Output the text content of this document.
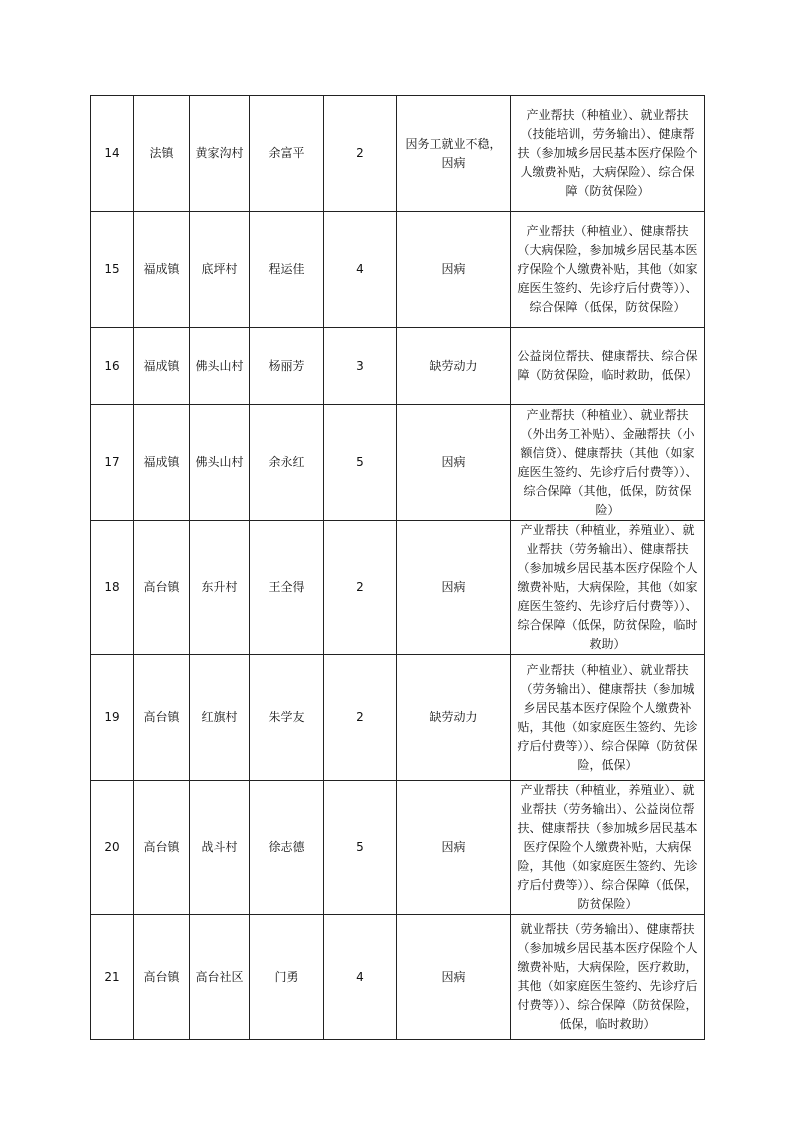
14	法镇	黄家沟村	余富平	2	因务工就业不稳，因病	产业帮扶（种植业）、就业帮扶（技能培训，劳务输出）、健康帮扶（参加城乡居民基本医疗保险个人缴费补贴，大病保险）、综合保障（防贫保险）
15	福成镇	底坪村	程运佳	4	因病	产业帮扶（种植业）、健康帮扶（大病保险，参加城乡居民基本医疗保险个人缴费补贴，其他（如家庭医生签约、先诊疗后付费等））、综合保障（低保，防贫保险）
16	福成镇	佛头山村	杨丽芳	3	缺劳动力	公益岗位帮扶、健康帮扶、综合保障（防贫保险，临时救助，低保）
17	福成镇	佛头山村	余永红	5	因病	产业帮扶（种植业）、就业帮扶（外出务工补贴）、金融帮扶（小额信贷）、健康帮扶（其他（如家庭医生签约、先诊疗后付费等））、综合保障（其他，低保，防贫保险）
18	高台镇	东升村	王全得	2	因病	产业帮扶（种植业，养殖业）、就业帮扶（劳务输出）、健康帮扶（参加城乡居民基本医疗保险个人缴费补贴，大病保险，其他（如家庭医生签约、先诊疗后付费等））、综合保障（低保，防贫保险，临时救助）
19	高台镇	红旗村	朱学友	2	缺劳动力	产业帮扶（种植业）、就业帮扶（劳务输出）、健康帮扶（参加城乡居民基本医疗保险个人缴费补贴，其他（如家庭医生签约、先诊疗后付费等））、综合保障（防贫保险，低保）
20	高台镇	战斗村	徐志德	5	因病	产业帮扶（种植业，养殖业）、就业帮扶（劳务输出）、公益岗位帮扶、健康帮扶（参加城乡居民基本医疗保险个人缴费补贴，大病保险，其他（如家庭医生签约、先诊疗后付费等））、综合保障（低保，防贫保险）
21	高台镇	高台社区	门勇	4	因病	就业帮扶（劳务输出）、健康帮扶（参加城乡居民基本医疗保险个人缴费补贴，大病保险，医疗救助，其他（如家庭医生签约、先诊疗后付费等））、综合保障（防贫保险，低保，临时救助）
